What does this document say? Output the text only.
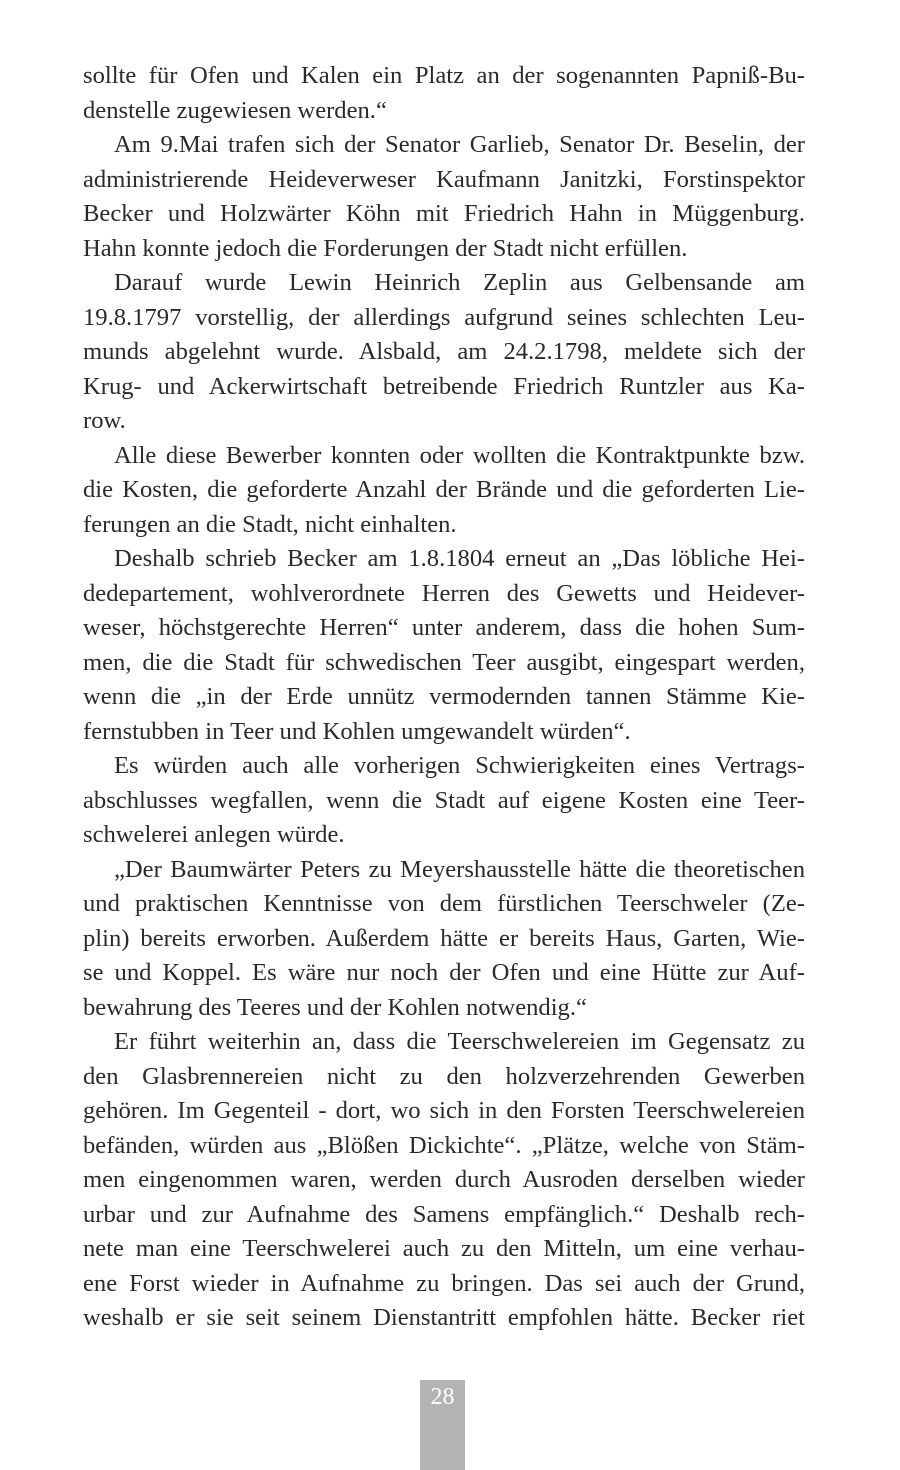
sollte für Ofen und Kalen ein Platz an der sogenannten Papniß-Bu-
denstelle zugewiesen werden.“
Am 9.Mai trafen sich der Senator Garlieb, Senator Dr. Beselin, der
administrierende Heideverweser Kaufmann Janitzki, Forstinspektor
Becker und Holzwärter Köhn mit Friedrich Hahn in Müggenburg.
Hahn konnte jedoch die Forderungen der Stadt nicht erfüllen.
Darauf wurde Lewin Heinrich Zeplin aus Gelbensande am
19.8.1797 vorstellig, der allerdings aufgrund seines schlechten Leu-
munds abgelehnt wurde. Alsbald, am 24.2.1798, meldete sich der
Krug- und Ackerwirtschaft betreibende Friedrich Runtzler aus Ka-
row.
Alle diese Bewerber konnten oder wollten die Kontraktpunkte bzw.
die Kosten, die geforderte Anzahl der Brände und die geforderten Lie-
ferungen an die Stadt, nicht einhalten.
Deshalb schrieb Becker am 1.8.1804 erneut an „Das löbliche Hei-
dedepartement, wohlverordnete Herren des Gewetts und Heidever-
weser, höchstgerechte Herren“ unter anderem, dass die hohen Sum-
men, die die Stadt für schwedischen Teer ausgibt, eingespart werden,
wenn die „in der Erde unnütz vermodernden tannen Stämme Kie-
fernstubben in Teer und Kohlen umgewandelt würden“.
Es würden auch alle vorherigen Schwierigkeiten eines Vertrags-
abschlusses wegfallen, wenn die Stadt auf eigene Kosten eine Teer-
schwelerei anlegen würde.
„Der Baumwärter Peters zu Meyershausstelle hätte die theoretischen
und praktischen Kenntnisse von dem fürstlichen Teerschweler (Ze-
plin) bereits erworben. Außerdem hätte er bereits Haus, Garten, Wie-
se und Koppel. Es wäre nur noch der Ofen und eine Hütte zur Auf-
bewahrung des Teeres und der Kohlen notwendig.“
Er führt weiterhin an, dass die Teerschwelereien im Gegensatz zu
den Glasbrennereien nicht zu den holzverzehrenden Gewerben
gehören. Im Gegenteil - dort, wo sich in den Forsten Teerschwelereien
befänden, würden aus „Blößen Dickichte“. „Plätze, welche von Stäm-
men eingenommen waren, werden durch Ausroden derselben wieder
urbar und zur Aufnahme des Samens empfänglich.“ Deshalb rech-
nete man eine Teerschwelerei auch zu den Mitteln, um eine verhau-
ene Forst wieder in Aufnahme zu bringen. Das sei auch der Grund,
weshalb er sie seit seinem Dienstantritt empfohlen hätte. Becker riet
28
